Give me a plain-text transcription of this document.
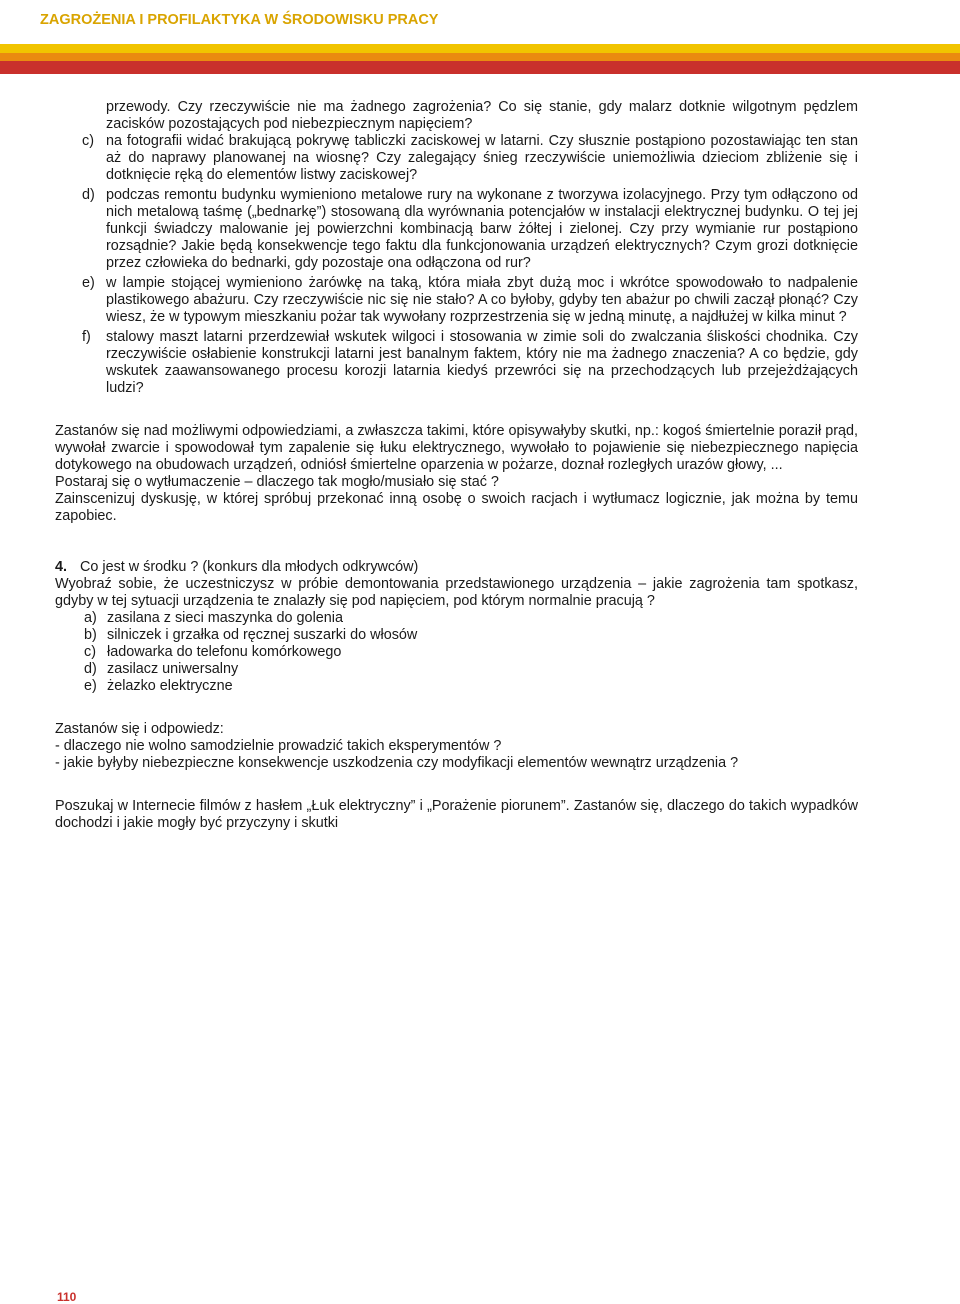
ZAGROŻENIA I PROFILAKTYKA W ŚRODOWISKU PRACY

przewody. Czy rzeczywiście nie ma żadnego zagrożenia? Co się stanie, gdy malarz dotknie wilgotnym pędzlem zacisków pozostających pod niebezpiecznym napięciem?

c) na fotografii widać brakującą pokrywę tabliczki zaciskowej w latarni. Czy słusznie postąpiono pozostawiając ten stan aż do naprawy planowanej na wiosnę? Czy zalegający śnieg rzeczywiście uniemożliwia dzieciom zbliżenie się i dotknięcie ręką do elementów listwy zaciskowej?
d) podczas remontu budynku wymieniono metalowe rury na wykonane z tworzywa izolacyjnego. Przy tym odłączono od nich metalową taśmę („bednarkę”) stosowaną dla wyrównania potencjałów w instalacji elektrycznej budynku. O tej jej funkcji świadczy malowanie jej powierzchni kombinacją barw żółtej i zielonej. Czy przy wymianie rur postąpiono rozsądnie? Jakie będą konsekwencje tego faktu dla funkcjonowania urządzeń elektrycznych? Czym grozi dotknięcie przez człowieka do bednarki, gdy pozostaje ona odłączona od rur?
e) w lampie stojącej wymieniono żarówkę na taką, która miała zbyt dużą moc i wkrótce spowodowało to nadpalenie plastikowego abażuru. Czy rzeczywiście nic się nie stało? A co byłoby, gdyby ten abażur po chwili zaczął płonąć? Czy wiesz, że w typowym mieszkaniu pożar tak wywołany rozprzestrzenia się w jedną minutę, a najdłużej w kilka minut ?
f) stalowy maszt latarni przerdzewiał wskutek wilgoci i stosowania w zimie soli do zwalczania śliskości chodnika. Czy rzeczywiście osłabienie konstrukcji latarni jest banalnym faktem, który nie ma żadnego znaczenia? A co będzie, gdy wskutek zaawansowanego procesu korozji latarnia kiedyś przewróci się na przechodzących lub przejeżdżających ludzi?

Zastanów się nad możliwymi odpowiedziami, a zwłaszcza takimi, które opisywałyby skutki, np.: kogoś śmiertelnie poraził prąd, wywołał zwarcie i spowodował tym zapalenie się łuku elektrycznego, wywołało to pojawienie się niebezpiecznego napięcia dotykowego na obudowach urządzeń, odniósł śmiertelne oparzenia w pożarze, doznał rozległych urazów głowy, ...

Postaraj się o wytłumaczenie – dlaczego tak mogło/musiało się stać ?

Zainscenizuj dyskusję, w której spróbuj przekonać inną osobę o swoich racjach i wytłumacz logicznie, jak można by temu zapobiec.

4. Co jest w środku ? (konkurs dla młodych odkrywców)

Wyobraź sobie, że uczestniczysz w próbie demontowania przedstawionego urządzenia – jakie zagrożenia tam spotkasz, gdyby w tej sytuacji urządzenia te znalazły się pod napięciem, pod którym normalnie pracują ?

a) zasilana z sieci maszynka do golenia
b) silniczek i grzałka od ręcznej suszarki do włosów
c) ładowarka do telefonu komórkowego
d) zasilacz uniwersalny
e) żelazko elektryczne

Zastanów się i odpowiedz:

- dlaczego nie wolno samodzielnie prowadzić takich eksperymentów ?

- jakie byłyby niebezpieczne konsekwencje uszkodzenia czy modyfikacji elementów wewnątrz urządzenia ?

Poszukaj w Internecie filmów z hasłem „Łuk elektryczny” i „Porażenie piorunem”. Zastanów się, dlaczego do takich wypadków dochodzi i jakie mogły być przyczyny i skutki

110
